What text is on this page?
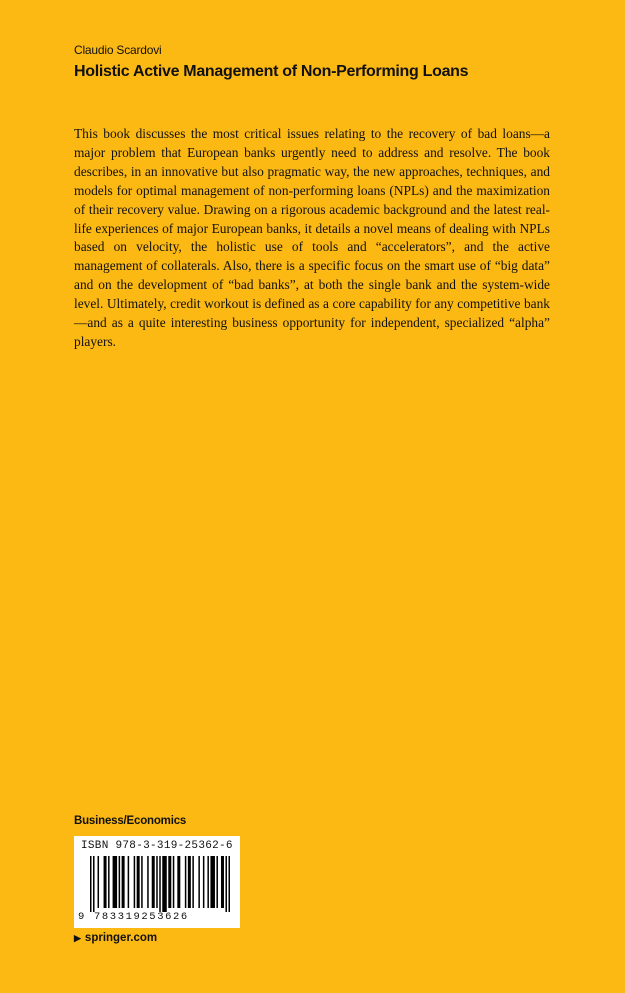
Claudio Scardovi
Holistic Active Management of Non-Performing Loans
This book discusses the most critical issues relating to the recovery of bad loans—a major problem that European banks urgently need to address and resolve. The book describes, in an innovative but also pragmatic way, the new approaches, techniques, and models for optimal management of non-performing loans (NPLs) and the maximization of their recovery value. Drawing on a rigorous academic background and the latest real-life experiences of major European banks, it details a novel means of dealing with NPLs based on velocity, the holistic use of tools and “accelerators”, and the active management of collaterals. Also, there is a specific focus on the smart use of “big data” and on the development of “bad banks”, at both the single bank and the system-wide level. Ultimately, credit workout is defined as a core capability for any competitive bank—and as a quite interesting business opportunity for independent, specialized “alpha” players.
Business/Economics
ISBN 978-3-319-25362-6
9 783319253626
▶ springer.com
